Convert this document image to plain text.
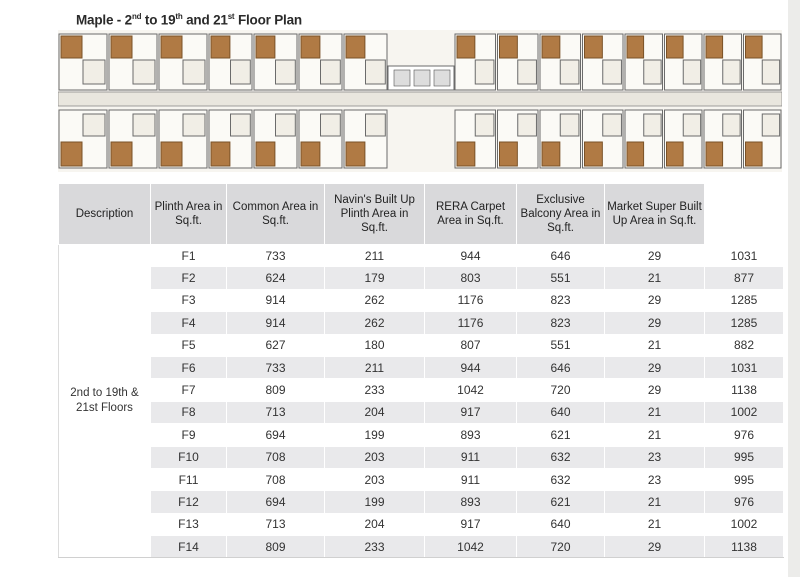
Maple - 2nd to 19th and 21st Floor Plan
Description	Plinth Area in Sq.ft.	Common Area in Sq.ft.	Navin's Built Up Plinth Area in Sq.ft.	RERA Carpet Area in Sq.ft.	Exclusive Balcony Area in Sq.ft.	Market Super Built Up Area in Sq.ft.	
2nd to 19th & 21st Floors	F1	733	211	944	646	29	1031
	F2	624	179	803	551	21	877
	F3	914	262	1176	823	29	1285
	F4	914	262	1176	823	29	1285
	F5	627	180	807	551	21	882
	F6	733	211	944	646	29	1031
	F7	809	233	1042	720	29	1138
	F8	713	204	917	640	21	1002
	F9	694	199	893	621	21	976
	F10	708	203	911	632	23	995
	F11	708	203	911	632	23	995
	F12	694	199	893	621	21	976
	F13	713	204	917	640	21	1002
	F14	809	233	1042	720	29	1138
